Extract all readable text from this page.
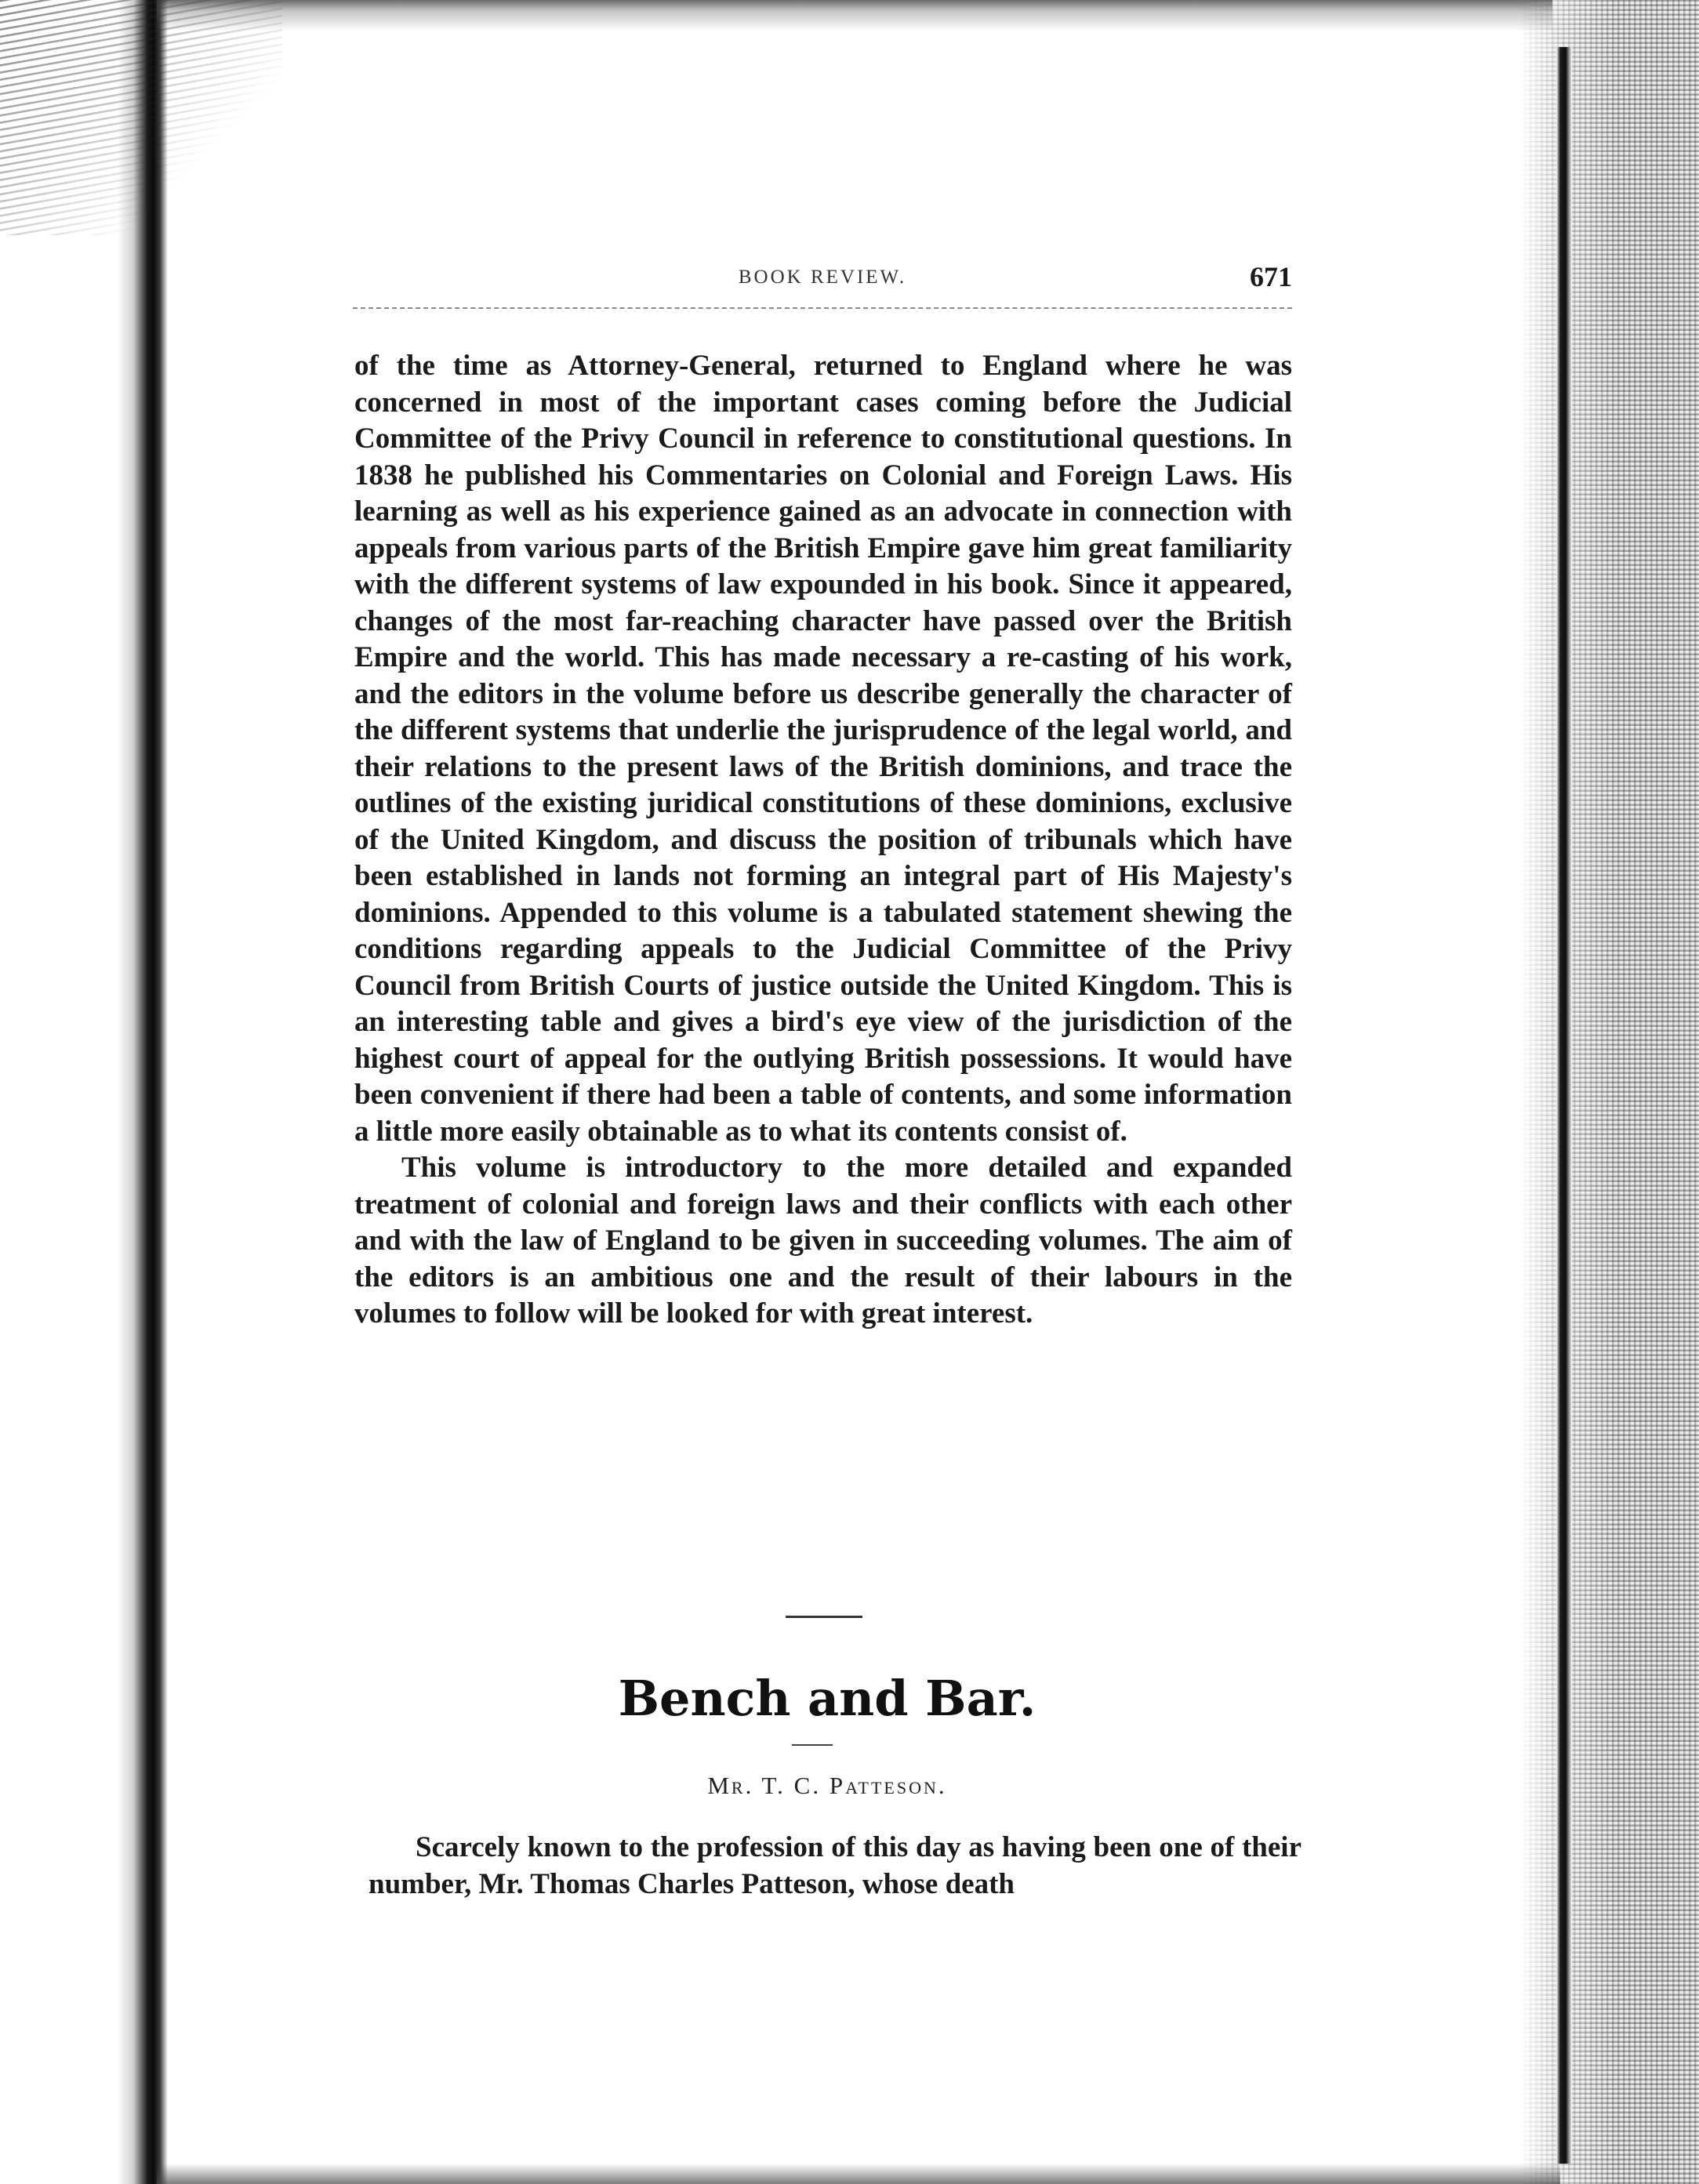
BOOK REVIEW.	671

of the time as Attorney-General, returned to England where he was concerned in most of the important cases coming before the Judicial Committee of the Privy Council in reference to constitutional questions. In 1838 he published his Commentaries on Colonial and Foreign Laws. His learning as well as his experience gained as an advocate in connection with appeals from various parts of the British Empire gave him great familiarity with the different systems of law expounded in his book. Since it appeared, changes of the most far-reaching character have passed over the British Empire and the world. This has made necessary a re-casting of his work, and the editors in the volume before us describe generally the character of the different systems that underlie the jurisprudence of the legal world, and their relations to the present laws of the British dominions, and trace the outlines of the existing juridical constitutions of these dominions, exclusive of the United Kingdom, and discuss the position of tribunals which have been established in lands not forming an integral part of His Majesty's dominions. Appended to this volume is a tabulated statement shewing the conditions regarding appeals to the Judicial Committee of the Privy Council from British Courts of justice outside the United Kingdom. This is an interesting table and gives a bird's eye view of the jurisdiction of the highest court of appeal for the outlying British possessions. It would have been convenient if there had been a table of contents, and some information a little more easily obtainable as to what its contents consist of.

This volume is introductory to the more detailed and expanded treatment of colonial and foreign laws and their conflicts with each other and with the law of England to be given in succeeding volumes. The aim of the editors is an ambitious one and the result of their labours in the volumes to follow will be looked for with great interest.

Bench and Bar.
Mr. T. C. Patteson.

Scarcely known to the profession of this day as having been one of their number, Mr. Thomas Charles Patteson, whose death
